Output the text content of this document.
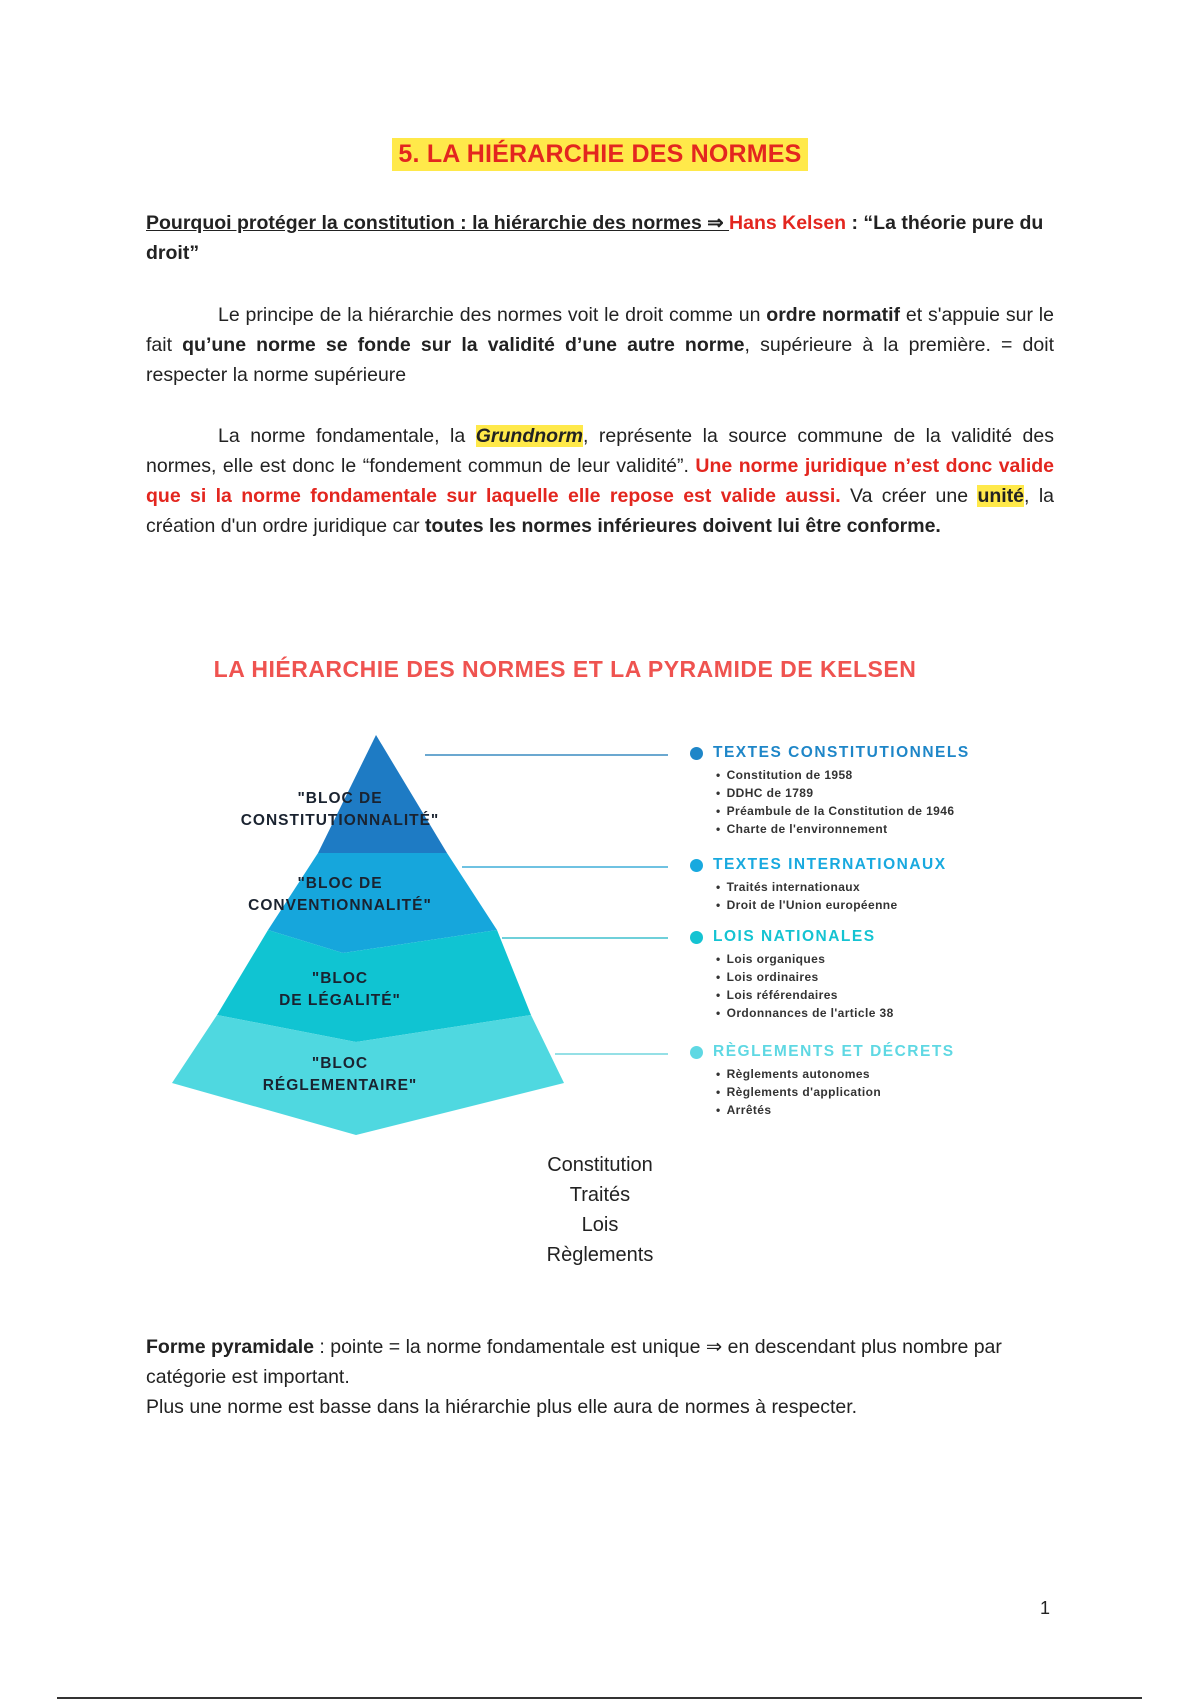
5. LA HIÉRARCHIE DES NORMES
Pourquoi protéger la constitution : la hiérarchie des normes ⇒ Hans Kelsen : “La théorie pure du droit”
Le principe de la hiérarchie des normes voit le droit comme un ordre normatif et s'appuie sur le fait qu’une norme se fonde sur la validité d’une autre norme, supérieure à la première. = doit respecter la norme supérieure
La norme fondamentale, la Grundnorm, représente la source commune de la validité des normes, elle est donc le “fondement commun de leur validité”. Une norme juridique n’est donc valide que si la norme fondamentale sur laquelle elle repose est valide aussi. Va créer une unité, la création d'un ordre juridique car toutes les normes inférieures doivent lui être conforme.
LA HIÉRARCHIE DES NORMES ET LA PYRAMIDE DE KELSEN
"BLOC DE
CONSTITUTIONNALITÉ"
"BLOC DE
CONVENTIONNALITÉ"
"BLOC
DE LÉGALITÉ"
"BLOC
RÉGLEMENTAIRE"
TEXTES CONSTITUTIONNELS
• Constitution de 1958
• DDHC de 1789
• Préambule de la Constitution de 1946
• Charte de l'environnement
TEXTES INTERNATIONAUX
• Traités internationaux
• Droit de l'Union européenne
LOIS NATIONALES
• Lois organiques
• Lois ordinaires
• Lois référendaires
• Ordonnances de l'article 38
RÈGLEMENTS ET DÉCRETS
• Règlements autonomes
• Règlements d'application
• Arrêtés
Constitution
Traités
Lois
Règlements
Forme pyramidale : pointe = la norme fondamentale est unique ⇒ en descendant plus nombre par catégorie est important.
Plus une norme est basse dans la hiérarchie plus elle aura de normes à respecter.
1
